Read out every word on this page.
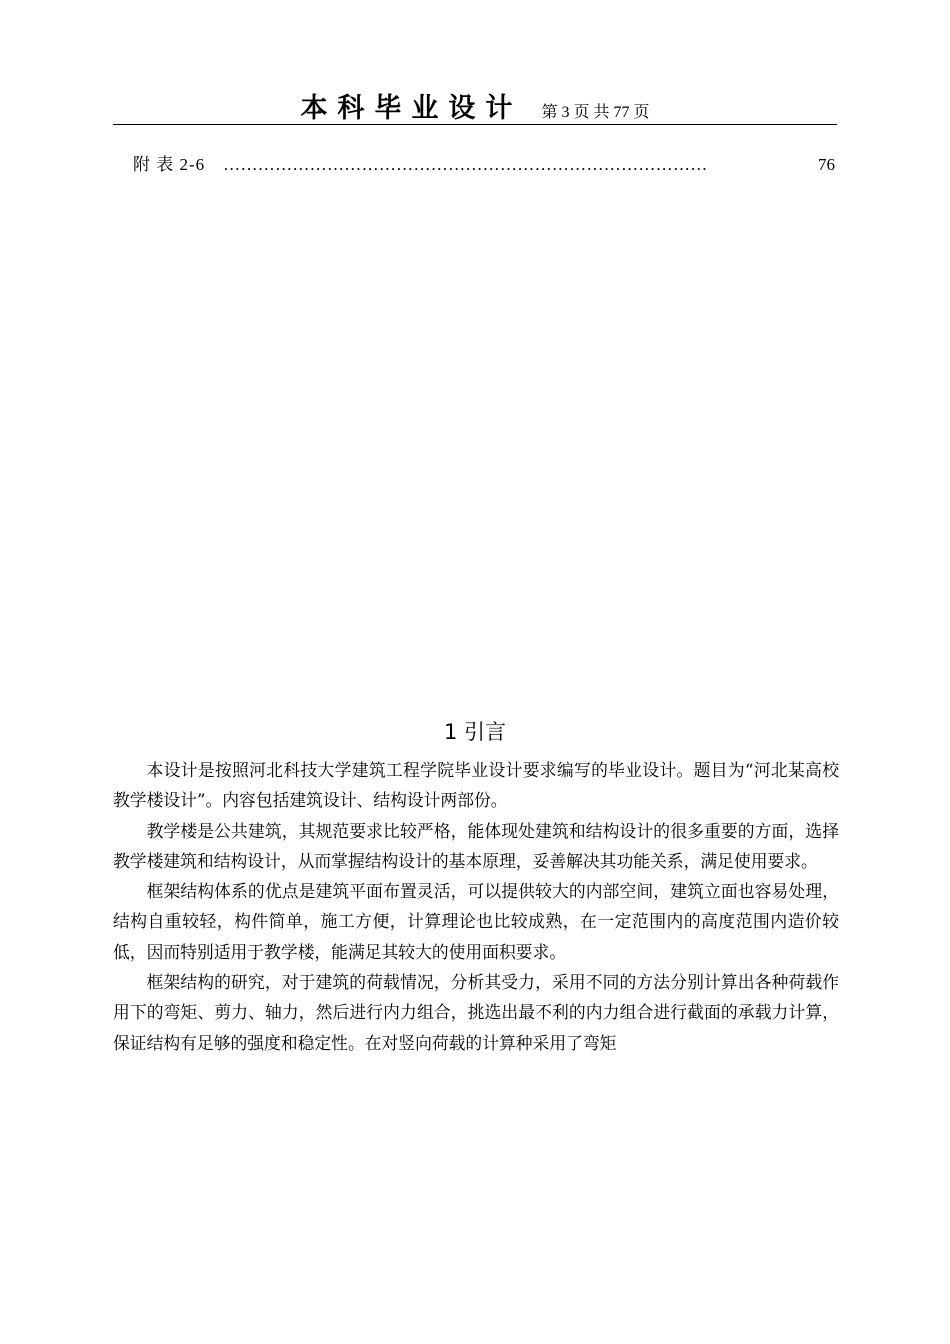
本科毕业设计 第 3 页 共 77 页
附 表 2-6 …………………………………………………………………………	76
1 引言

本设计是按照河北科技大学建筑工程学院毕业设计要求编写的毕业设计。题目为“河北某高校教学楼设计”。内容包括建筑设计、结构设计两部份。

教学楼是公共建筑，其规范要求比较严格，能体现处建筑和结构设计的很多重要的方面，选择教学楼建筑和结构设计，从而掌握结构设计的基本原理，妥善解决其功能关系，满足使用要求。

框架结构体系的优点是建筑平面布置灵活，可以提供较大的内部空间，建筑立面也容易处理，结构自重较轻，构件简单，施工方便，计算理论也比较成熟，在一定范围内的高度范围内造价较低，因而特别适用于教学楼，能满足其较大的使用面积要求。

框架结构的研究，对于建筑的荷载情况，分析其受力，采用不同的方法分别计算出各种荷载作用下的弯矩、剪力、轴力，然后进行内力组合，挑选出最不利的内力组合进行截面的承载力计算，保证结构有足够的强度和稳定性。在对竖向荷载的计算种采用了弯矩
